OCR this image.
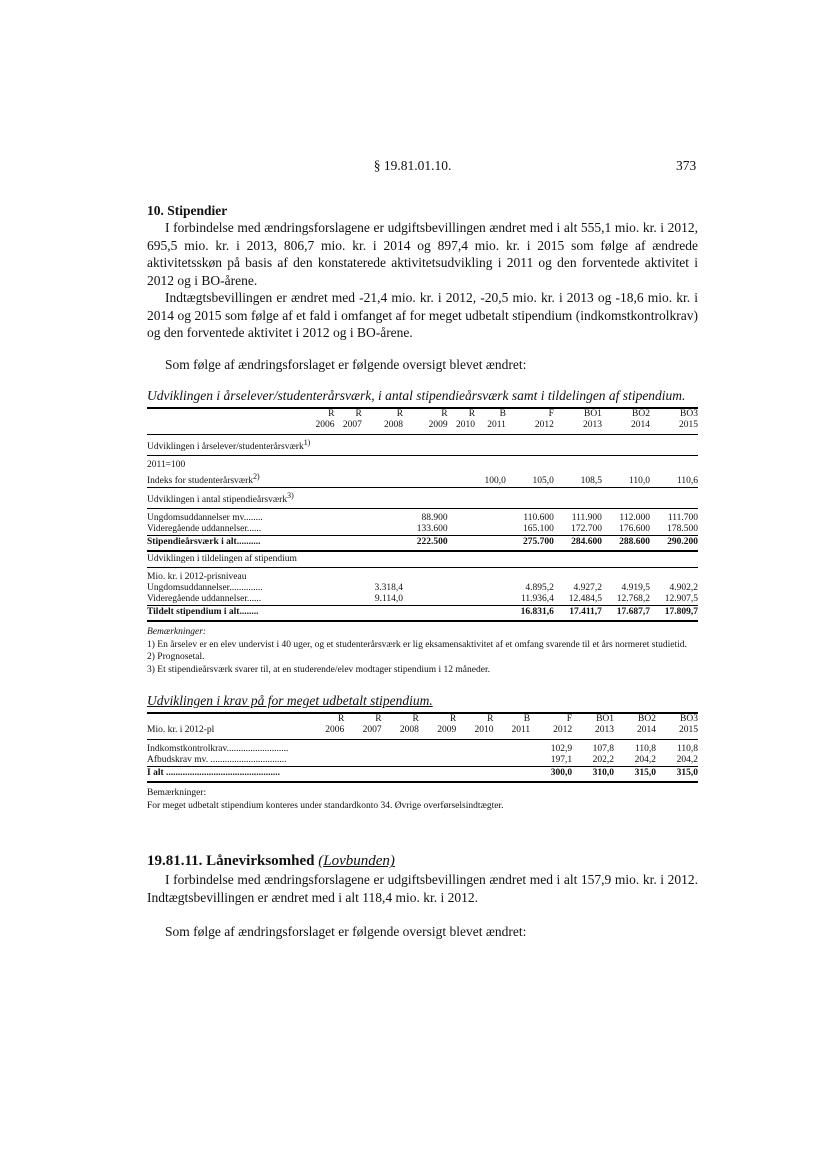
§ 19.81.01.10.	373
10. Stipendier

I forbindelse med ændringsforslagene er udgiftsbevillingen ændret med i alt 555,1 mio. kr. i 2012, 695,5 mio. kr. i 2013, 806,7 mio. kr. i 2014 og 897,4 mio. kr. i 2015 som følge af ændrede aktivitetsskøn på basis af den konstaterede aktivitetsudvikling i 2011 og den forventede aktivitet i 2012 og i BO-årene.

Indtægtsbevillingen er ændret med -21,4 mio. kr. i 2012, -20,5 mio. kr. i 2013 og -18,6 mio. kr. i 2014 og 2015 som følge af et fald i omfanget af for meget udbetalt stipendium (indkomstkontrolkrav) og den forventede aktivitet i 2012 og i BO-årene.

Som følge af ændringsforslaget er følgende oversigt blevet ændret:

Udviklingen i årselever/studenterårsværk, i antal stipendieårsværk samt i tildelingen af stipendium.
	R	R	R	R	R	B	F	BO1	BO2	BO3
	2006	2007	2008	2009	2010	2011	2012	2013	2014	2015
Udviklingen i årselever/studenterårsværk$^{1)}$
2011=100										
Indeks for studenterårsværk$^{2)}$						100,0	105,0	108,5	110,0	110,6
Udviklingen i antal stipendieårsværk$^{3)}$
Ungdomsuddannelser mv........				88.900			110.600	111.900	112.000	111.700
Videregående uddannelser......				133.600			165.100	172.700	176.600	178.500
Stipendieårsværk i alt..........				222.500			275.700	284.600	288.600	290.200
Udviklingen i tildelingen af stipendium										
Mio. kr. i 2012-prisniveau										
Ungdomsuddannelser..............			3.318,4				4.895,2	4.927,2	4.919,5	4.902,2
Videregående uddannelser......			9.114,0				11.936,4	12.484,5	12.768,2	12.907,5
Tildelt stipendium i alt........							16.831,6	17.411,7	17.687,7	17.809,7
Bemærkninger:
1) En årselev er en elev undervist i 40 uger, og et studenterårsværk er lig eksamensaktivitet af et omfang svarende til et års normeret studietid.
2) Prognosetal.
3) Et stipendieårsværk svarer til, at en studerende/elev modtager stipendium i 12 måneder.
Udviklingen i krav på for meget udbetalt stipendium.
	R	R	R	R	R	B	F	BO1	BO2	BO3
Mio. kr. i 2012-pl	2006	2007	2008	2009	2010	2011	2012	2013	2014	2015
Indkomstkontrolkrav..........................							102,9	107,8	110,8	110,8
Afbudskrav mv. ................................							197,1	202,2	204,2	204,2
I alt ................................................							300,0	310,0	315,0	315,0
Bemærkninger:
For meget udbetalt stipendium konteres under standardkonto 34. Øvrige overførselsindtægter.
19.81.11. Lånevirksomhed (Lovbunden)

I forbindelse med ændringsforslagene er udgiftsbevillingen ændret med i alt 157,9 mio. kr. i 2012. Indtægtsbevillingen er ændret med i alt 118,4 mio. kr. i 2012.

Som følge af ændringsforslaget er følgende oversigt blevet ændret:
